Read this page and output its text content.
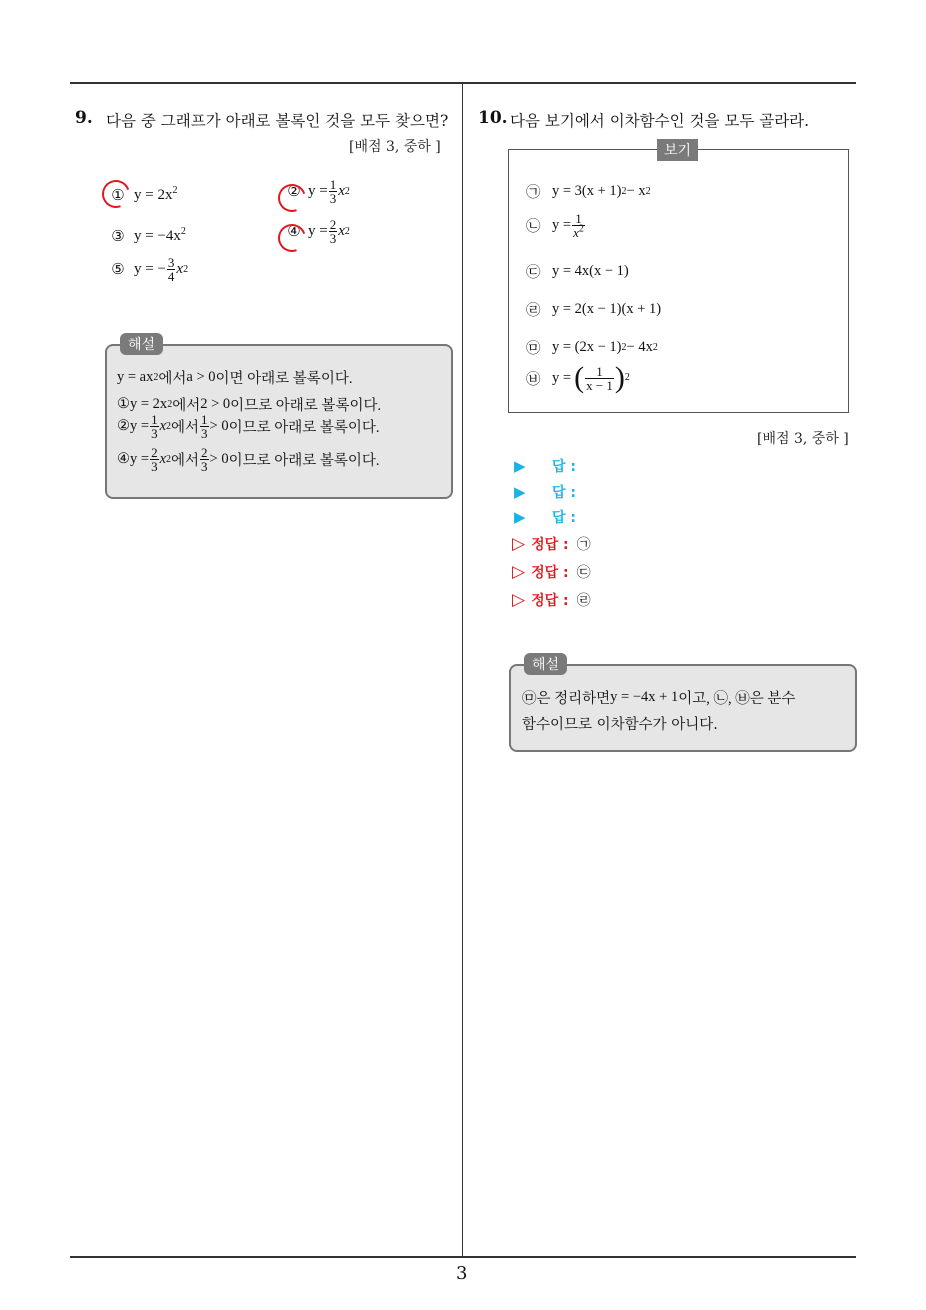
3
9. 다음 중 그래프가 아래로 볼록인 것을 모두 찾으면?
[배점 3, 중하 ]
① $y = 2x^2$	② $y = \frac{1}{3}$ x 2
③ $y = -4x^2$	④ $y = \frac{2}{3}$ x 2
⑤ y = − $\frac{3}{4}$ x 2
해설
y = ax 2 에서 a > 0 이면 아래로 볼록이다.
① y = 2x 2 에서 2 > 0 이므로 아래로 볼록이다.
② $y = \frac{1}{3}$ x 2 에서 $\frac{1}{3} > 0$ 이므로 아래로 볼록이다.
④ $y = \frac{2}{3}$ x 2 에서 $\frac{2}{3} > 0$ 이므로 아래로 볼록이다.
10. 다음 보기에서 이차함수인 것을 모두 골라라.
보기
㉠ y = 3(x + 1) 2 − x 2
㉡ $y = \frac{1}{x^2}$
㉢ y = 4x(x − 1)
㉣ y = 2(x − 1)(x + 1)
㉤ y = (2x − 1) 2 − 4x 2
㉥ y = ( $\frac{1}{x - 1}$ ) 2
[배점 3, 중하 ]
▶	답 :
▶	답 :
▶	답 :
▷ 정답 : ㉠
▷ 정답 : ㉢
▷ 정답 : ㉣
해설
㉤은 정리하면 y = −4x + 1 이고, ㉡, ㉥은 분수
함수이므로 이차함수가 아니다.
